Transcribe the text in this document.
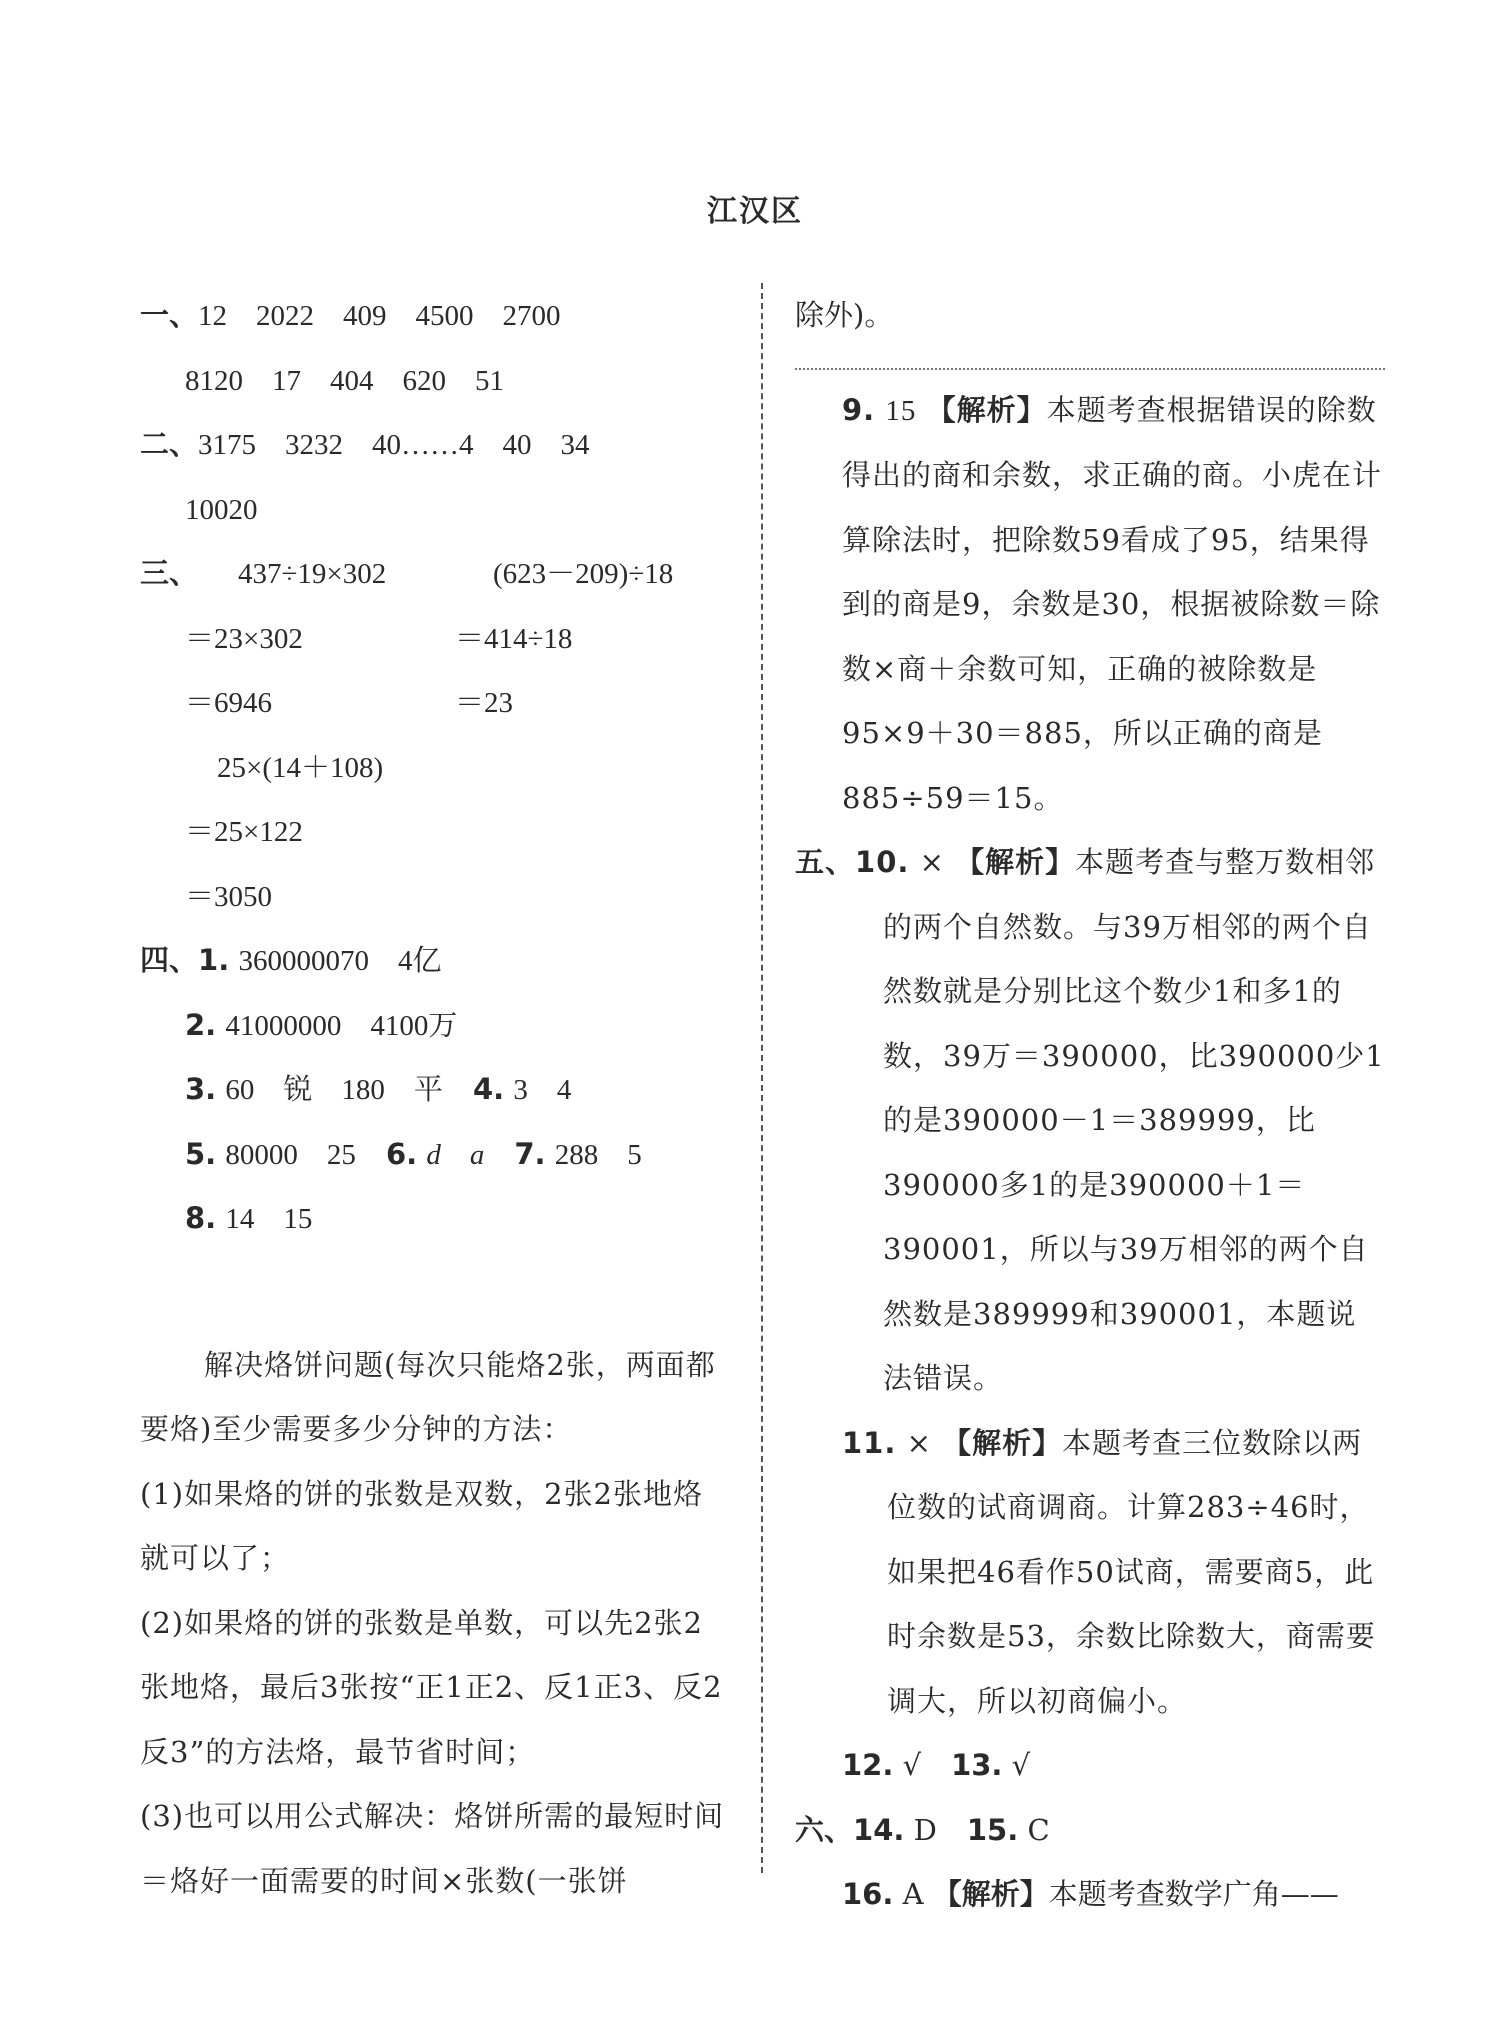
江汉区
一、12　2022　409　4500　2700
8120　17　404　620　51
二、3175　3232　40……4　40　34
10020
三、 437÷19×302	(623－209)÷18
＝23×302	＝414÷18
＝6946	＝23
25×(14＋108)
＝25×122
＝3050
四、1. 360000070　4亿
2. 41000000　4100万
3. 60　锐　180　平 4. 3　4
5. 80000　25 6. d　a 7. 288　5
8. 14　15

解决烙饼问题(每次只能烙2张，两面都要烙)至少需要多少分钟的方法：

(1)如果烙的饼的张数是双数，2张2张地烙就可以了；

(2)如果烙的饼的张数是单数，可以先2张2张地烙，最后3张按“正1正2、反1正3、反2反3”的方法烙，最节省时间；

(3)也可以用公式解决：烙饼所需的最短时间＝烙好一面需要的时间×张数(一张饼

除外)。
9. 15 【解析】本题考查根据错误的除数得出的商和余数，求正确的商。小虎在计算除法时，把除数59看成了95，结果得到的商是9，余数是30，根据被除数＝除数×商＋余数可知，正确的被除数是95×9＋30＝885，所以正确的商是885÷59＝15。
五、10. × 【解析】本题考查与整万数相邻的两个自然数。与39万相邻的两个自然数就是分别比这个数少1和多1的数，39万＝390000，比390000少1的是390000－1＝389999，比390000多1的是390000＋1＝390001，所以与39万相邻的两个自然数是389999和390001，本题说法错误。
11. × 【解析】本题考查三位数除以两位数的试商调商。计算283÷46时，如果把46看作50试商，需要商5，此时余数是53，余数比除数大，商需要调大，所以初商偏小。
12. √ 13. √
六、14. D 15. C
16. A 【解析】本题考查数学广角——
